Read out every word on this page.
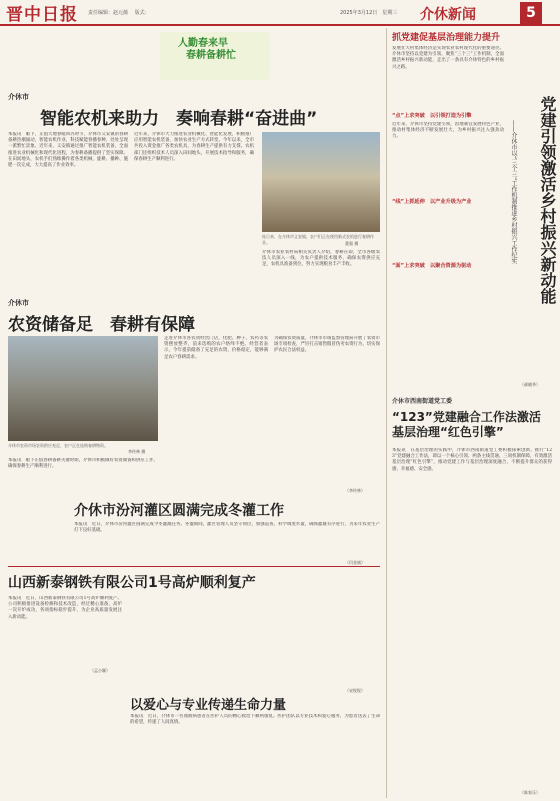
晋中日报 责任编辑：赵元薇　 版式：	2025年3月12日　星期三 介休新闻	5
人勤春来早
春耕备耕忙
介休市
智能农机来助力　奏响春耕“奋进曲”
本报讯　眼下，正值大地春暖回苏时节，介休市义安镇的春耕备耕热潮涌动，智能农机作业、科技赋能春播春种，处处呈现一派繁忙景象。近年来，义安镇通过推广智能农机装备，全面推进农业机械化和现代化进程，为春耕备播提供了坚实保障。在田间地头，农机手们熟练操作着各类机械，旋耕、播种、施肥一次完成，大大提高了作业效率。
近年来，介休市大力推进农业机械化、智能化发展，积极推广应用智能农机装备，加快农业生产方式转变。今年以来，全市共投入资金推广各类农机具，为春耕生产提供有力支撑。农机部门还组织技术人员深入田间地头，开展技术指导和服务，确保春耕生产顺利进行。
连日来，在介休市义安镇，农户们正在使用新式农机进行春耕作业。	董强 摄
介休市农业农村局相关负责人介绍，春耕在即，全市各级农技人员深入一线，为农户提供技术服务，确保农资供应充足，农机具准备到位，努力实现粮食丰产丰收。
介休市
农资储备足　春耕有保障
介休市农资市场农资供应充足，农户正在选购春耕物资。
李传林 摄
本报讯　眼下正值春耕备耕关键时期，介休市积极做好农资储备和供应工作，确保春耕生产顺利进行。
走进介休市各农资经营门店，化肥、种子、农药等农资摆放整齐，前来选购的农户络绎不绝。经营者表示，今年提前储备了充足的农资，价格稳定，能够满足农户春耕需求。
为确保农资质量，介休市市场监督管理局开展了农资市场专项检查，严厉打击销售假冒伪劣农资行为，切实保护农民合法权益。
（李传林）
介休市汾河灌区圆满完成冬灌工作
本报讯　近日，介休市汾河灌区圆满完成今冬灌溉任务。冬灌期间，灌区管理人员坚守岗位，加强巡查，科学调度水量，确保灌溉有序进行，为来年农业生产打下良好基础。
（闫金斌）
山西新泰钢铁有限公司1号高炉顺利复产
本报讯　近日，山西新泰钢铁有限公司1号高炉顺利复产。公司积极推进设备检修和技术改造，经过精心准备，高炉一次开炉成功，各项指标稳步提升，为企业高质量发展注入新动能。
（孟小颖）
以爱心与专业传递生命力量
本报讯　近日，介休市一名血液病患者在医护人员的精心救治下顺利康复。医护团队以专业技术和爱心服务，为患者送去了生命的希望，传递了人间真情。
（宋锐锐）
抓党建促基层治理能力提升
党建引领激活乡村振兴新动能
——介休市以“三个三”工作机制推进乡村振兴工作纪实
发展壮大村集体经济是实现农业农村现代化的重要途径。介休市坚持以党建为引领，聚焦“三个三”工作机制，全面激活乡村振兴新动能，走出了一条具有介休特色的乡村振兴之路。
“点”上求突破　以引领打造为引擎
近年来，介休市坚持党建引领，因地制宜发展特色产业，推动村集体经济不断发展壮大，为乡村振兴注入强劲动力。
“线”上抓延伸　以产业升级为产业
“面”上求突破　以聚合资源为驱动
（郝晓华）
介休市西南街道党工委
“123”党建融合工作法激活基层治理“红色引擎”
本报讯　在基层治理的实践中，介休市西南街道党工委积极探索创新，推行“123”党建融合工作法，即以一个核心引领、两条主线贯通、三项机制保障，有效激活基层治理“红色引擎”，推动党建工作与基层治理深度融合，不断提升群众的获得感、幸福感、安全感。
（陈家乐）
